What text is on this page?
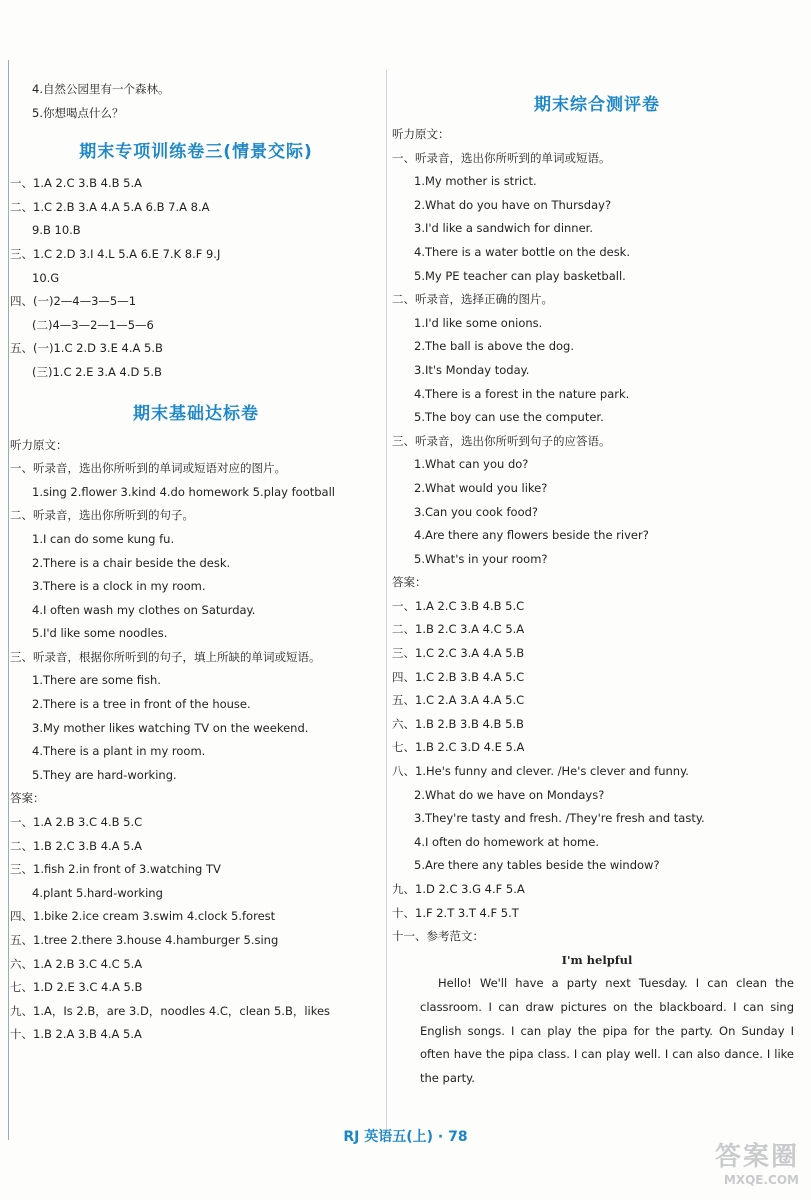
4.自然公园里有一个森林。
5.你想喝点什么？
期末专项训练卷三(情景交际)
一、1.A 2.C 3.B 4.B 5.A
二、1.C 2.B 3.A 4.A 5.A 6.B 7.A 8.A
9.B 10.B
三、1.C 2.D 3.I 4.L 5.A 6.E 7.K 8.F 9.J
10.G
四、(一)2—4—3—5—1
(二)4—3—2—1—5—6
五、(一)1.C 2.D 3.E 4.A 5.B
(三)1.C 2.E 3.A 4.D 5.B
期末基础达标卷
听力原文：
一、听录音，选出你所听到的单词或短语对应的图片。
1.sing 2.flower 3.kind 4.do homework 5.play football
二、听录音，选出你所听到的句子。
1.I can do some kung fu.
2.There is a chair beside the desk.
3.There is a clock in my room.
4.I often wash my clothes on Saturday.
5.I'd like some noodles.
三、听录音，根据你所听到的句子，填上所缺的单词或短语。
1.There are some fish.
2.There is a tree in front of the house.
3.My mother likes watching TV on the weekend.
4.There is a plant in my room.
5.They are hard-working.
答案：
一、1.A 2.B 3.C 4.B 5.C
二、1.B 2.C 3.B 4.A 5.A
三、1.fish 2.in front of 3.watching TV
4.plant 5.hard-working
四、1.bike 2.ice cream 3.swim 4.clock 5.forest
五、1.tree 2.there 3.house 4.hamburger 5.sing
六、1.A 2.B 3.C 4.C 5.A
七、1.D 2.E 3.C 4.A 5.B
九、1.A，Is 2.B，are 3.D，noodles 4.C，clean 5.B，likes
十、1.B 2.A 3.B 4.A 5.A
期末综合测评卷
听力原文：
一、听录音，选出你所听到的单词或短语。
1.My mother is strict.
2.What do you have on Thursday?
3.I'd like a sandwich for dinner.
4.There is a water bottle on the desk.
5.My PE teacher can play basketball.
二、听录音，选择正确的图片。
1.I'd like some onions.
2.The ball is above the dog.
3.It's Monday today.
4.There is a forest in the nature park.
5.The boy can use the computer.
三、听录音，选出你所听到句子的应答语。
1.What can you do?
2.What would you like?
3.Can you cook food?
4.Are there any flowers beside the river?
5.What's in your room?
答案：
一、1.A 2.C 3.B 4.B 5.C
二、1.B 2.C 3.A 4.C 5.A
三、1.C 2.C 3.A 4.A 5.B
四、1.C 2.B 3.B 4.A 5.C
五、1.C 2.A 3.A 4.A 5.C
六、1.B 2.B 3.B 4.B 5.B
七、1.B 2.C 3.D 4.E 5.A
八、1.He's funny and clever. /He's clever and funny.
2.What do we have on Mondays?
3.They're tasty and fresh. /They're fresh and tasty.
4.I often do homework at home.
5.Are there any tables beside the window?
九、1.D 2.C 3.G 4.F 5.A
十、1.F 2.T 3.T 4.F 5.T
十一、参考范文：
I'm helpful
Hello! We'll have a party next Tuesday. I can clean the classroom. I can draw pictures on the blackboard. I can sing English songs. I can play the pipa for the party. On Sunday I often have the pipa class. I can play well. I can also dance. I like the party.
RJ 英语五(上) · 78
答案圈
MXQE.COM
